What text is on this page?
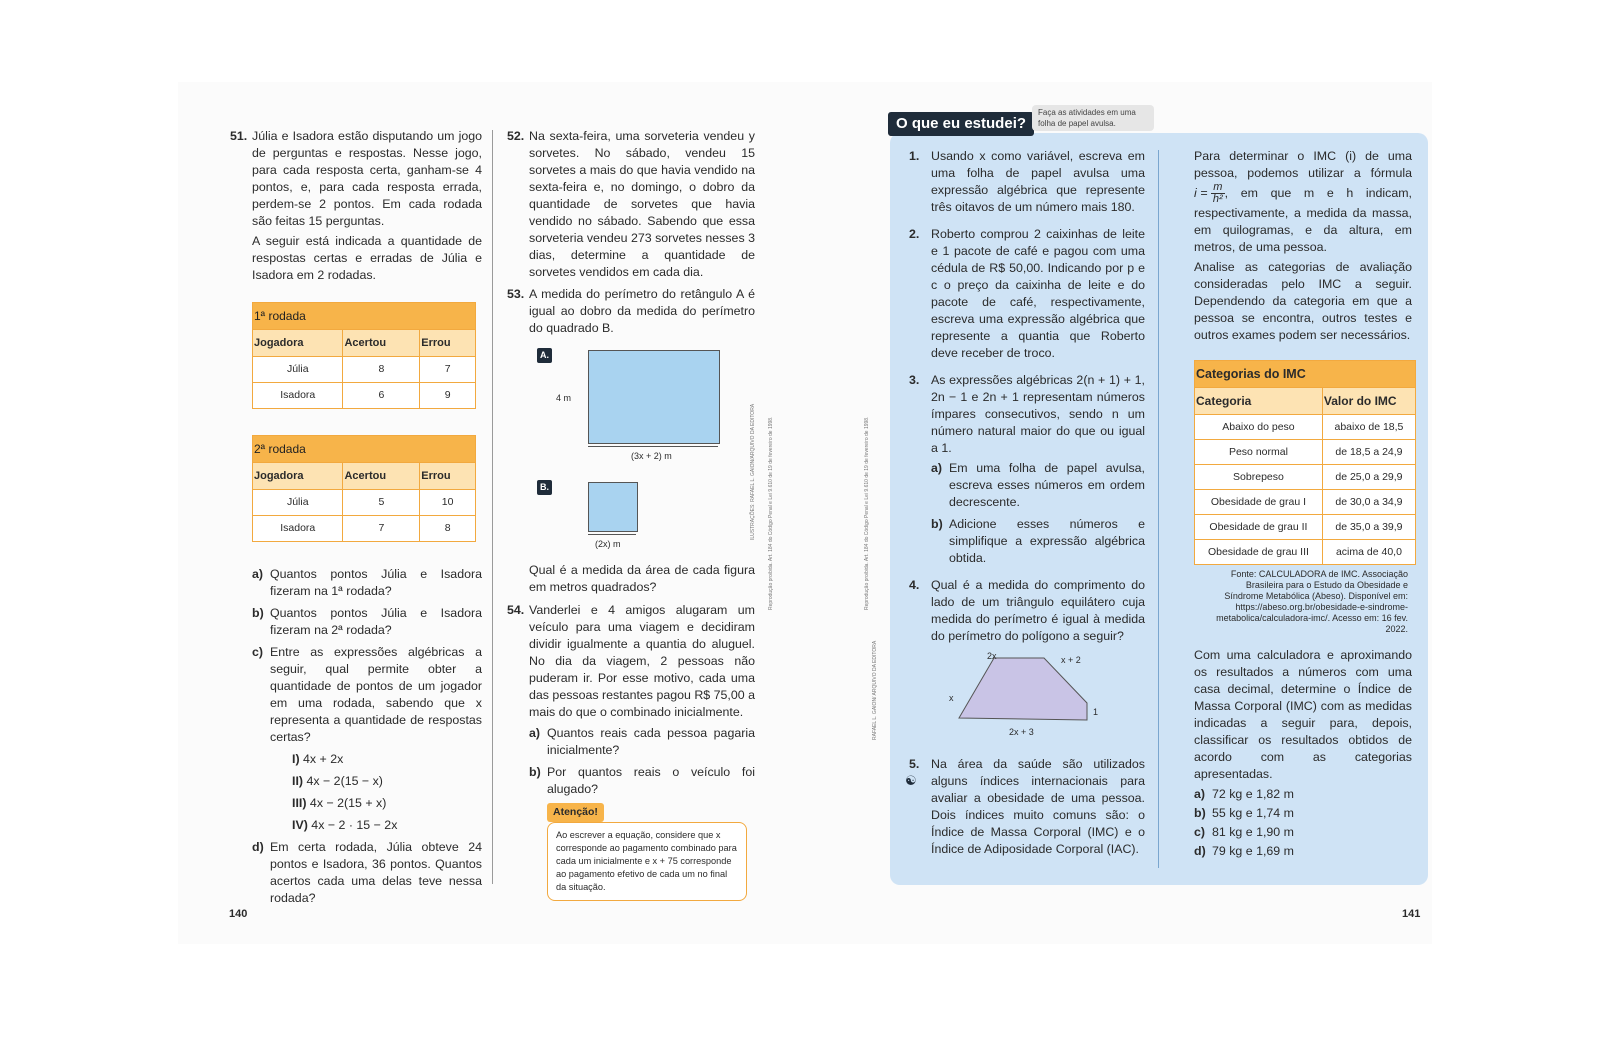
51. Júlia e Isadora estão disputando um jogo de perguntas e respostas. Nesse jogo, para cada resposta certa, ganham-se 4 pontos, e, para cada resposta errada, perdem-se 2 pontos. Em cada rodada são feitas 15 perguntas.

A seguir está indicada a quantidade de respostas certas e erradas de Júlia e Isadora em 2 rodadas.

1ª rodada		
Jogadora	Acertou	Errou
Júlia	8	7
Isadora	6	9
2ª rodada		
Jogadora	Acertou	Errou
Júlia	5	10
Isadora	7	8
a) Quantos pontos Júlia e Isadora fizeram na 1ª rodada?
b) Quantos pontos Júlia e Isadora fizeram na 2ª rodada?
c) Entre as expressões algébricas a seguir, qual permite obter a quantidade de pontos de um jogador em uma rodada, sabendo que x representa a quantidade de respostas certas?
I) 4x + 2x
II) 4x − 2(15 − x)
III) 4x − 2(15 + x)
IV) 4x − 2 · 15 − 2x
d) Em certa rodada, Júlia obteve 24 pontos e Isadora, 36 pontos. Quantos acertos cada uma delas teve nessa rodada?
52. Na sexta-feira, uma sorveteria vendeu y sorvetes. No sábado, vendeu 15 sorvetes a mais do que havia vendido na sexta-feira e, no domingo, o dobro da quantidade de sorvetes que havia vendido no sábado. Sabendo que essa sorveteria vendeu 273 sorvetes nesses 3 dias, determine a quantidade de sorvetes vendidos em cada dia.

53. A medida do perímetro do retângulo A é igual ao dobro da medida do perímetro do quadrado B.

A.
4 m
(3x + 2) m
B.
(2x) m

Qual é a medida da área de cada figura em metros quadrados?

54. Vanderlei e 4 amigos alugaram um veículo para uma viagem e decidiram dividir igualmente a quantia do aluguel. No dia da viagem, 2 pessoas não puderam ir. Por esse motivo, cada uma das pessoas restantes pagou R$ 75,00 a mais do que o combinado inicialmente.

a) Quantos reais cada pessoa pagaria inicialmente?
b) Por quantos reais o veículo foi alugado?
Atenção!
Ao escrever a equação, considere que x corresponde ao pagamento combinado para cada um inicialmente e x + 75 corresponde ao pagamento efetivo de cada um no final da situação.
ILUSTRAÇÕES: RAFAEL L. GAION/ARQUIVO DA EDITORA Reprodução proibida. Art. 184 do Código Penal e Lei 9.610 de 19 de fevereiro de 1998.
140
Reprodução proibida. Art. 184 do Código Penal e Lei 9.610 de 19 de fevereiro de 1998.
RAFAEL L. GAION/ ARQUIVO DA EDITORA
O que eu estudei?
Faça as atividades em uma folha de papel avulsa.
1. Usando x como variável, escreva em uma folha de papel avulsa uma expressão algébrica que represente três oitavos de um número mais 180.

2. Roberto comprou 2 caixinhas de leite e 1 pacote de café e pagou com uma cédula de R$ 50,00. Indicando por p e c o preço da caixinha de leite e do pacote de café, respectivamente, escreva uma expressão algébrica que represente a quantia que Roberto deve receber de troco.

3. As expressões algébricas 2(n + 1) + 1, 2n − 1 e 2n + 1 representam números ímpares consecutivos, sendo n um número natural maior do que ou igual a 1.

a) Em uma folha de papel avulsa, escreva esses números em ordem decrescente.
b) Adicione esses números e simplifique a expressão algébrica obtida.
4. Qual é a medida do comprimento do lado de um triângulo equilátero cuja medida do perímetro é igual à medida do perímetro do polígono a seguir?

2x	x + 2
x
1
2x + 3
5.
☯

Na área da saúde são utilizados alguns índices internacionais para avaliar a obesidade de uma pessoa. Dois índices muito comuns são: o Índice de Massa Corporal (IMC) e o Índice de Adiposidade Corporal (IAC).

Para determinar o IMC (i) de uma pessoa, podemos utilizar a fórmula $i = \frac{m}{\text{h²}}$ , em que m e h indicam, respectivamente, a medida da massa, em quilogramas, e da altura, em metros, de uma pessoa.

Analise as categorias de avaliação consideradas pelo IMC a seguir. Dependendo da categoria em que a pessoa se encontra, outros testes e outros exames podem ser necessários.

Categorias do IMC	
Categoria	Valor do IMC
Abaixo do peso	abaixo de 18,5
Peso normal	de 18,5 a 24,9
Sobrepeso	de 25,0 a 29,9
Obesidade de grau I	de 30,0 a 34,9
Obesidade de grau II	de 35,0 a 39,9
Obesidade de grau III	acima de 40,0

Fonte: CALCULADORA de IMC. Associação Brasileira para o Estudo da Obesidade e Síndrome Metabólica (Abeso). Disponível em: https://abeso.org.br/obesidade-e-sindrome-metabolica/calculadora-imc/. Acesso em: 16 fev. 2022.

Com uma calculadora e aproximando os resultados a números com uma casa decimal, determine o Índice de Massa Corporal (IMC) com as medidas indicadas a seguir para, depois, classificar os resultados obtidos de acordo com as categorias apresentadas.

a) 72 kg e 1,82 m
b) 55 kg e 1,74 m
c) 81 kg e 1,90 m
d) 79 kg e 1,69 m
141
